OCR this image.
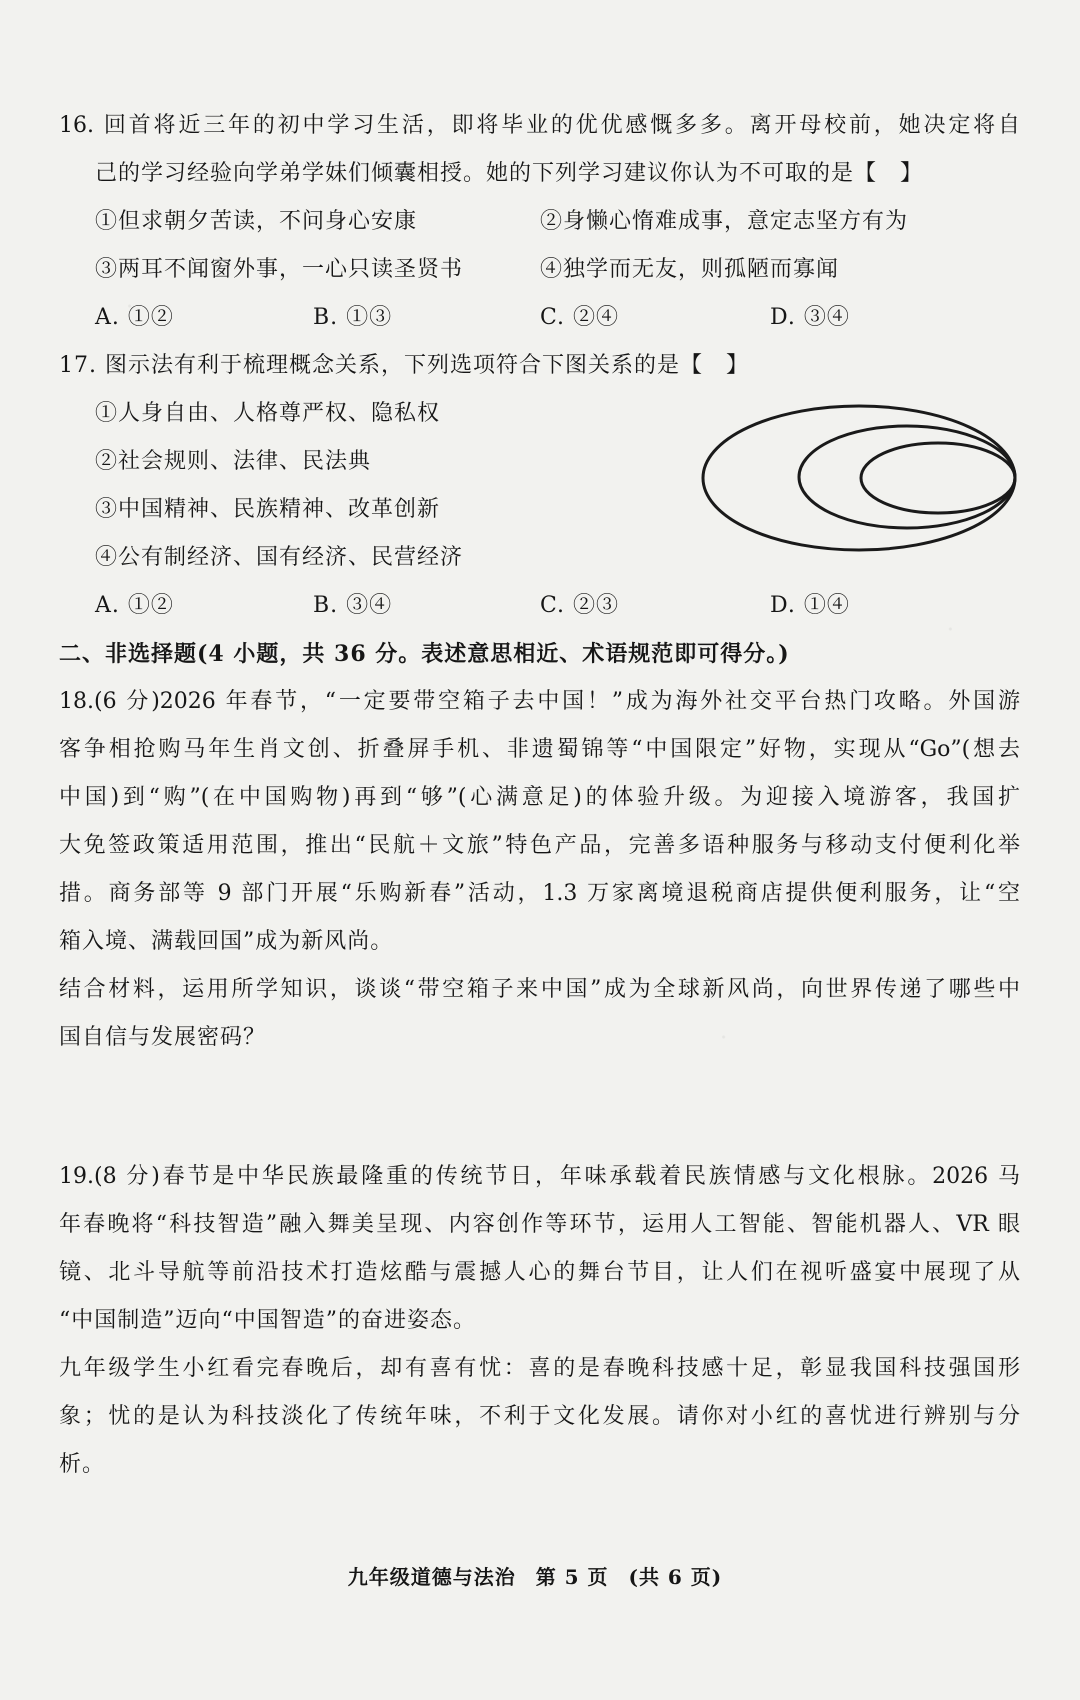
16. 回首将近三年的初中学习生活，即将毕业的优优感慨多多。离开母校前，她决定将自
己的学习经验向学弟学妹们倾囊相授。她的下列学习建议你认为不可取的是【　】
①但求朝夕苦读，不问身心安康	②身懒心惰难成事，意定志坚方有为
③两耳不闻窗外事，一心只读圣贤书	④独学而无友，则孤陋而寡闻
A. ①②	B. ①③	C. ②④	D. ③④
17. 图示法有利于梳理概念关系，下列选项符合下图关系的是【　】
①人身自由、人格尊严权、隐私权
②社会规则、法律、民法典
③中国精神、民族精神、改革创新
④公有制经济、国有经济、民营经济
A. ①②	B. ③④	C. ②③	D. ①④
二、非选择题(4 小题，共 36 分。表述意思相近、术语规范即可得分。)
18.(6 分)2026 年春节，“一定要带空箱子去中国！”成为海外社交平台热门攻略。外国游
客争相抢购马年生肖文创、折叠屏手机、非遗蜀锦等“中国限定”好物，实现从“Go”(想去
中国)到“购”(在中国购物)再到“够”(心满意足)的体验升级。为迎接入境游客，我国扩
大免签政策适用范围，推出“民航＋文旅”特色产品，完善多语种服务与移动支付便利化举
措。商务部等 9 部门开展“乐购新春”活动，1.3 万家离境退税商店提供便利服务，让“空
箱入境、满载回国”成为新风尚。
结合材料，运用所学知识，谈谈“带空箱子来中国”成为全球新风尚，向世界传递了哪些中
国自信与发展密码？
19.(8 分)春节是中华民族最隆重的传统节日，年味承载着民族情感与文化根脉。2026 马
年春晚将“科技智造”融入舞美呈现、内容创作等环节，运用人工智能、智能机器人、VR 眼
镜、北斗导航等前沿技术打造炫酷与震撼人心的舞台节目，让人们在视听盛宴中展现了从
“中国制造”迈向“中国智造”的奋进姿态。
九年级学生小红看完春晚后，却有喜有忧：喜的是春晚科技感十足，彰显我国科技强国形
象；忧的是认为科技淡化了传统年味，不利于文化发展。请你对小红的喜忧进行辨别与分
析。
九年级道德与法治 第 5 页 (共 6 页)
